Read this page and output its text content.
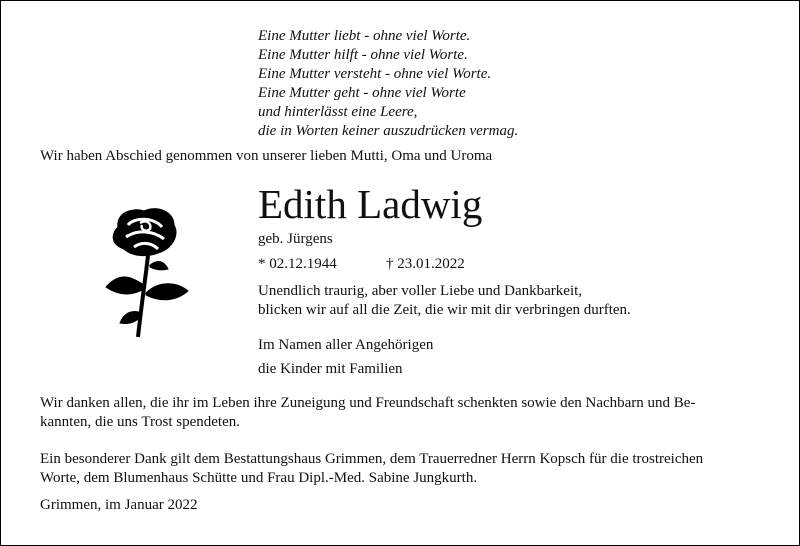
Eine Mutter liebt - ohne viel Worte.
Eine Mutter hilft - ohne viel Worte.
Eine Mutter versteht - ohne viel Worte.
Eine Mutter geht - ohne viel Worte
und hinterlässt eine Leere,
die in Worten keiner auszudrücken vermag.
Wir haben Abschied genommen von unserer lieben Mutti, Oma und Uroma
Edith Ladwig
geb. Jürgens
* 02.12.1944	† 23.01.2022
Unendlich traurig, aber voller Liebe und Dankbarkeit,
blicken wir auf all die Zeit, die wir mit dir verbringen durften.
Im Namen aller Angehörigen
die Kinder mit Familien
Wir danken allen, die ihr im Leben ihre Zuneigung und Freundschaft schenkten sowie den Nachbarn und Be-
kannten, die uns Trost spendeten.
Ein besonderer Dank gilt dem Bestattungshaus Grimmen, dem Trauerredner Herrn Kopsch für die trostreichen
Worte, dem Blumenhaus Schütte und Frau Dipl.-Med. Sabine Jungkurth.
Grimmen, im Januar 2022
